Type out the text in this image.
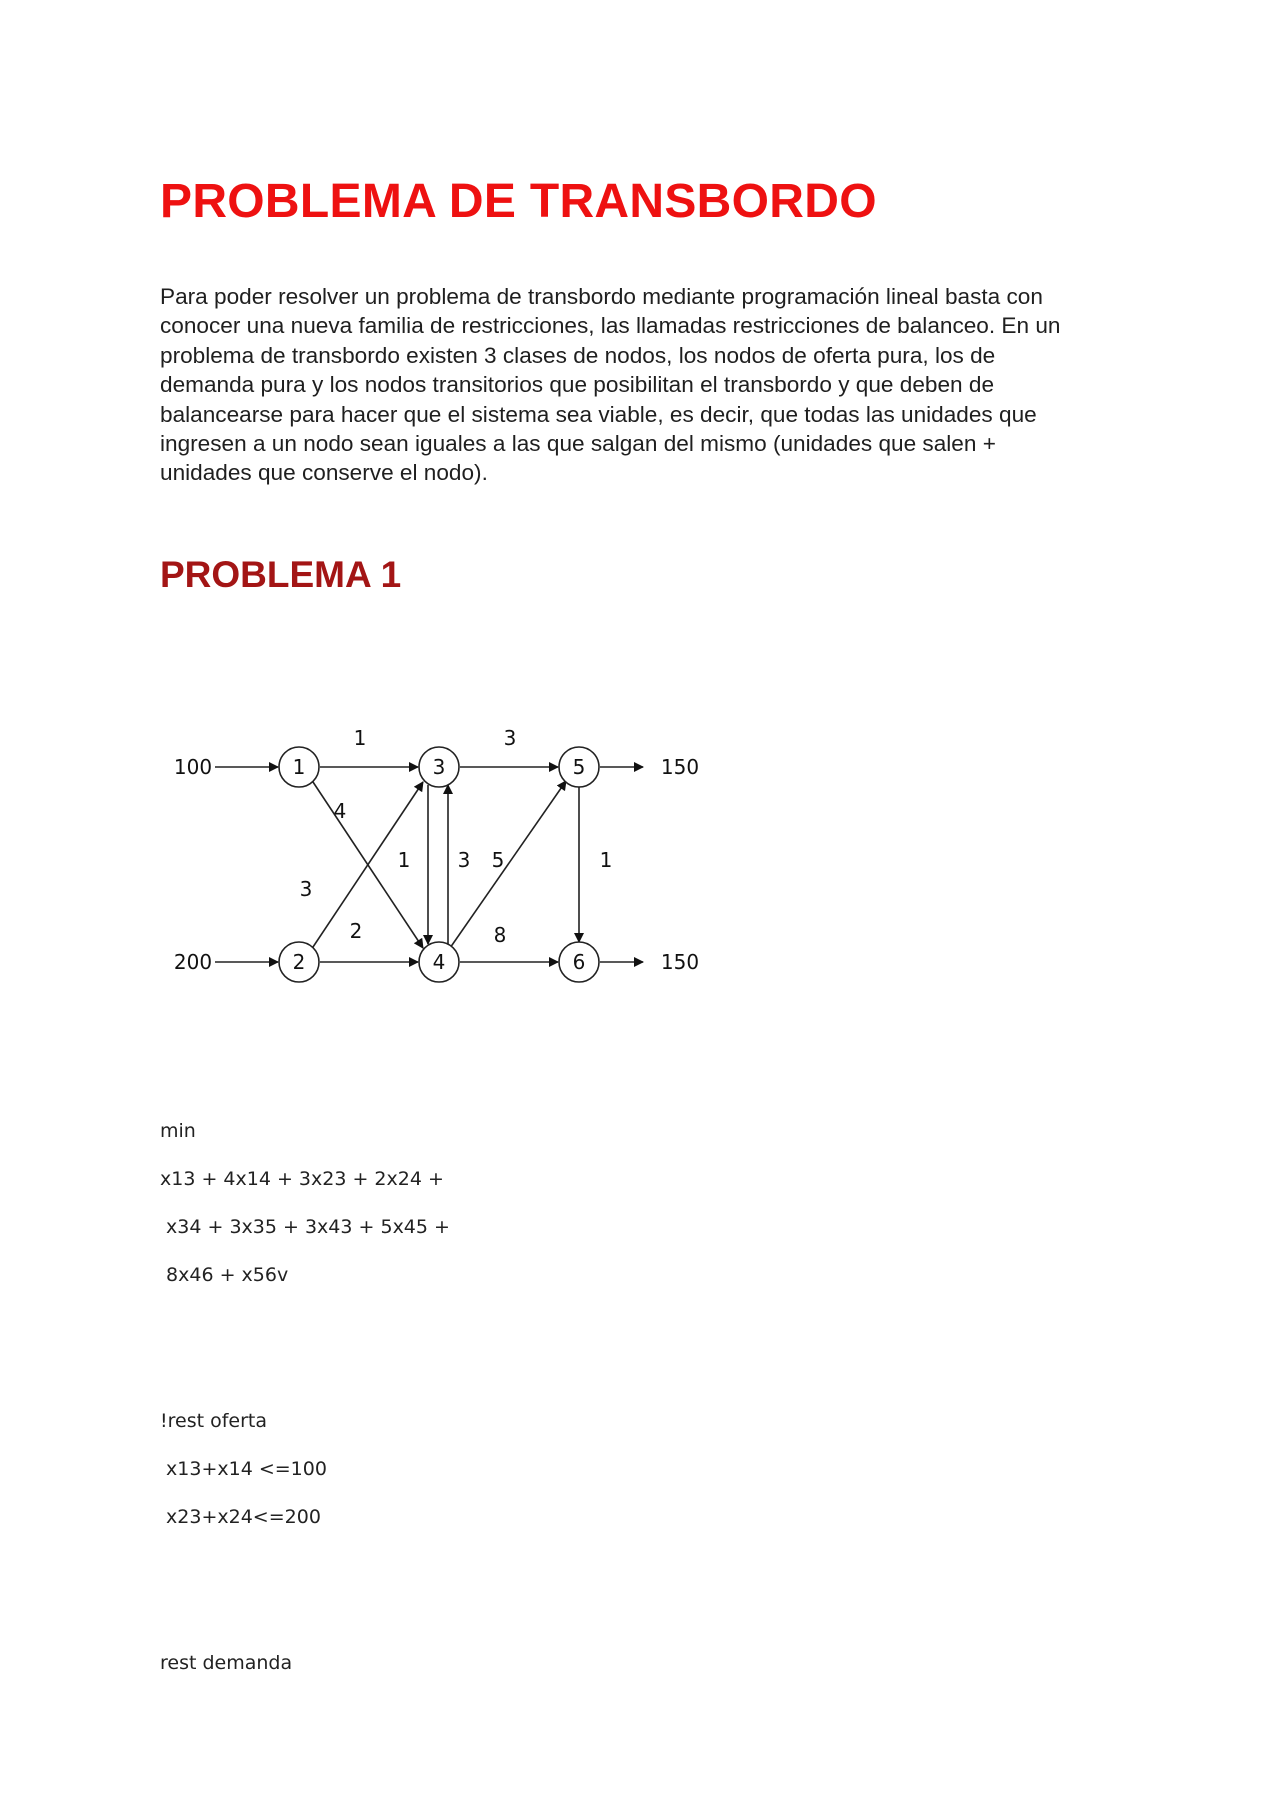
PROBLEMA DE TRANSBORDO
Para poder resolver un problema de transbordo mediante programación lineal basta con
conocer una nueva familia de restricciones, las llamadas restricciones de balanceo. En un
problema de transbordo existen 3 clases de nodos, los nodos de oferta pura, los de
demanda pura y los nodos transitorios que posibilitan el transbordo y que deben de
balancearse para hacer que el sistema sea viable, es decir, que todas las unidades que
ingresen a un nodo sean iguales a las que salgan del mismo (unidades que salen +
unidades que conserve el nodo).
PROBLEMA 1
1
2
3
4
5
6
100
200
150
150
1
4
3
2
1 3
3
5
8
1
min
x13 + 4x14 + 3x23 + 2x24 +
x34 + 3x35 + 3x43 + 5x45 +
8x46 + x56v
!rest oferta
x13+x14 <=100
x23+x24<=200
rest demanda
